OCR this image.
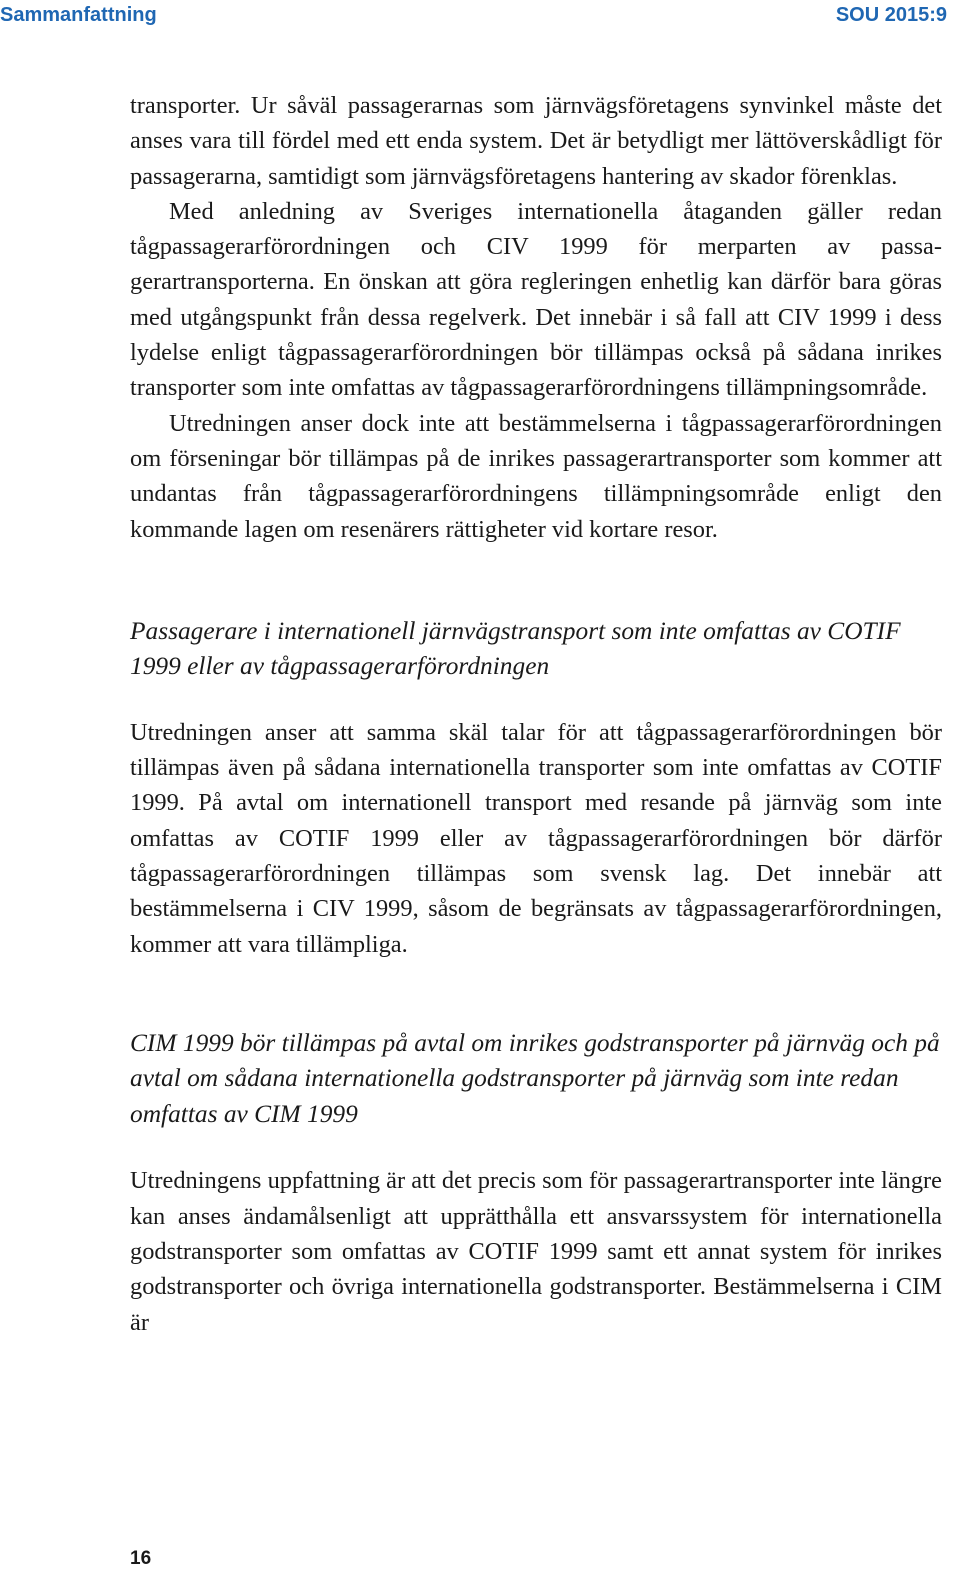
Sammanfattning	SOU 2015:9

transporter. Ur såväl passagerarnas som järnvägsföretagens synvinkel måste det anses vara till fördel med ett enda system. Det är betydligt mer lättöverskådligt för passagerarna, samtidigt som järnvägsföretagens hantering av skador förenklas.

Med anledning av Sveriges internationella åtaganden gäller redan tågpassagerarförordningen och CIV 1999 för merparten av passagerartransporterna. En önskan att göra regleringen enhetlig kan därför bara göras med utgångspunkt från dessa regelverk. Det innebär i så fall att CIV 1999 i dess lydelse enligt tågpassagerarförordningen bör tillämpas också på sådana inrikes transporter som inte omfattas av tågpassagerarförordningens tillämpningsområde.

Utredningen anser dock inte att bestämmelserna i tågpassagerarförordningen om förseningar bör tillämpas på de inrikes passagerartransporter som kommer att undantas från tågpassagerarförordningens tillämpningsområde enligt den kommande lagen om resenärers rättigheter vid kortare resor.

Passagerare i internationell järnvägstransport som inte omfattas av COTIF 1999 eller av tågpassagerarförordningen

Utredningen anser att samma skäl talar för att tågpassagerarförordningen bör tillämpas även på sådana internationella transporter som inte omfattas av COTIF 1999. På avtal om internationell transport med resande på järnväg som inte omfattas av COTIF 1999 eller av tågpassagerarförordningen bör därför tågpassagerarförordningen tillämpas som svensk lag. Det innebär att bestämmelserna i CIV 1999, såsom de begränsats av tågpassagerarförordningen, kommer att vara tillämpliga.

CIM 1999 bör tillämpas på avtal om inrikes godstransporter på järnväg och på avtal om sådana internationella godstransporter på järnväg som inte redan omfattas av CIM 1999

Utredningens uppfattning är att det precis som för passagerartransporter inte längre kan anses ändamålsenligt att upprätthålla ett ansvarssystem för internationella godstransporter som omfattas av COTIF 1999 samt ett annat system för inrikes godstransporter och övriga internationella godstransporter. Bestämmelserna i CIM är

16
